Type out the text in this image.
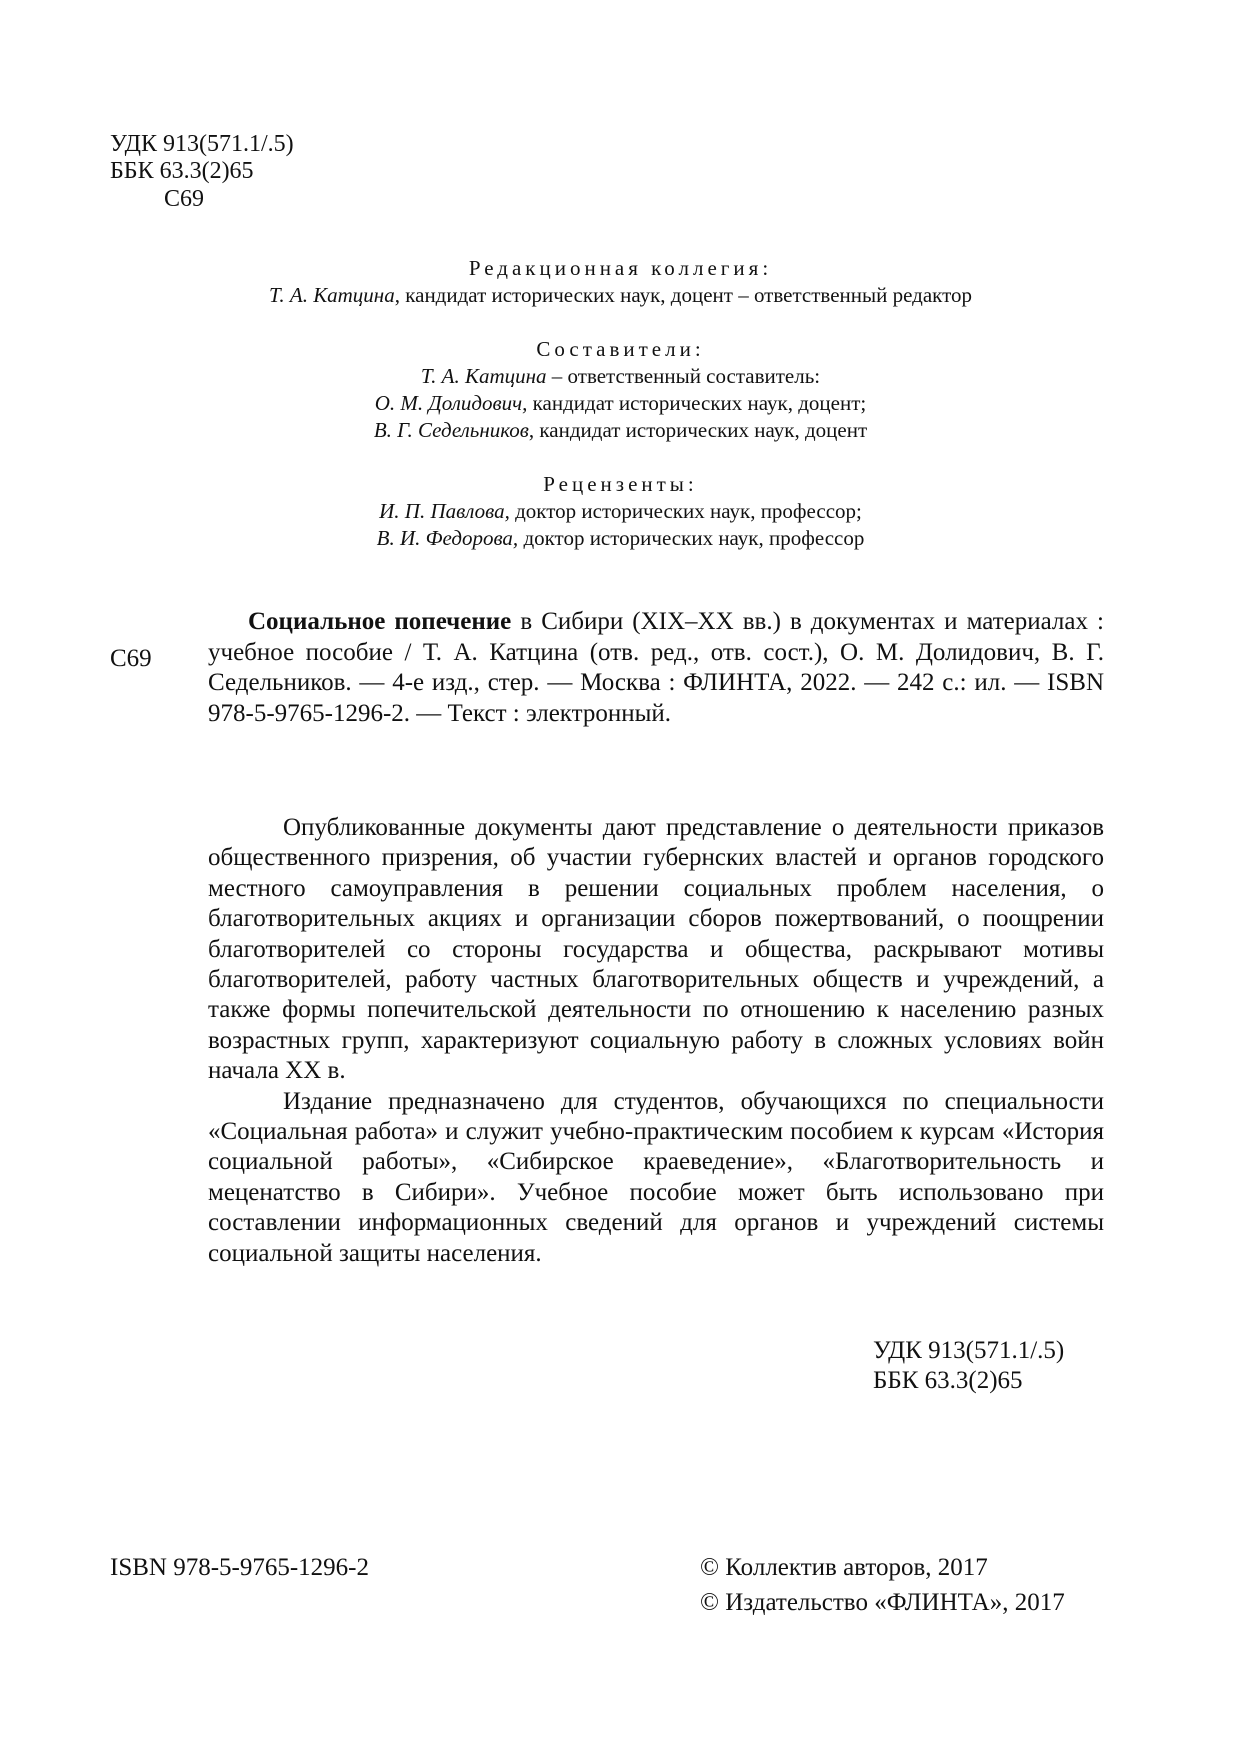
УДК 913(571.1/.5)
ББК 63.3(2)65
С69
Редакционная коллегия:
Т. А. Катцина, кандидат исторических наук, доцент – ответственный редактор
Составители:
Т. А. Катцина – ответственный составитель:
О. М. Долидович, кандидат исторических наук, доцент;
В. Г. Седельников, кандидат исторических наук, доцент
Рецензенты:
И. П. Павлова, доктор исторических наук, профессор;
В. И. Федорова, доктор исторических наук, профессор
С69
Социальное попечение в Сибири (XIX–XX вв.) в документах и материалах : учебное пособие / Т. А. Катцина (отв. ред., отв. сост.), О. М. Долидович, В. Г. Седельников. — 4-е изд., стер. — Москва : ФЛИНТА, 2022. — 242 с.: ил. — ISBN 978-5-9765-1296-2. — Текст : электронный.

Опубликованные документы дают представление о деятельности приказов общественного призрения, об участии губернских властей и органов городского местного самоуправления в решении социальных проблем населения, о благотворительных акциях и организации сборов пожертвований, о поощрении благотворителей со стороны государства и общества, раскрывают мотивы благотворителей, работу частных благотворительных обществ и учреждений, а также формы попечительской деятельности по отношению к населению разных возрастных групп, характеризуют социальную работу в сложных условиях войн начала XX в.

Издание предназначено для студентов, обучающихся по специальности «Социальная работа» и служит учебно-практическим пособием к курсам «История социальной работы», «Сибирское краеведение», «Благотворительность и меценатство в Сибири». Учебное пособие может быть использовано при составлении информационных сведений для органов и учреждений системы социальной защиты населения.

УДК 913(571.1/.5)
ББК 63.3(2)65
ISBN 978-5-9765-1296-2	© Коллектив авторов, 2017
© Издательство «ФЛИНТА», 2017
